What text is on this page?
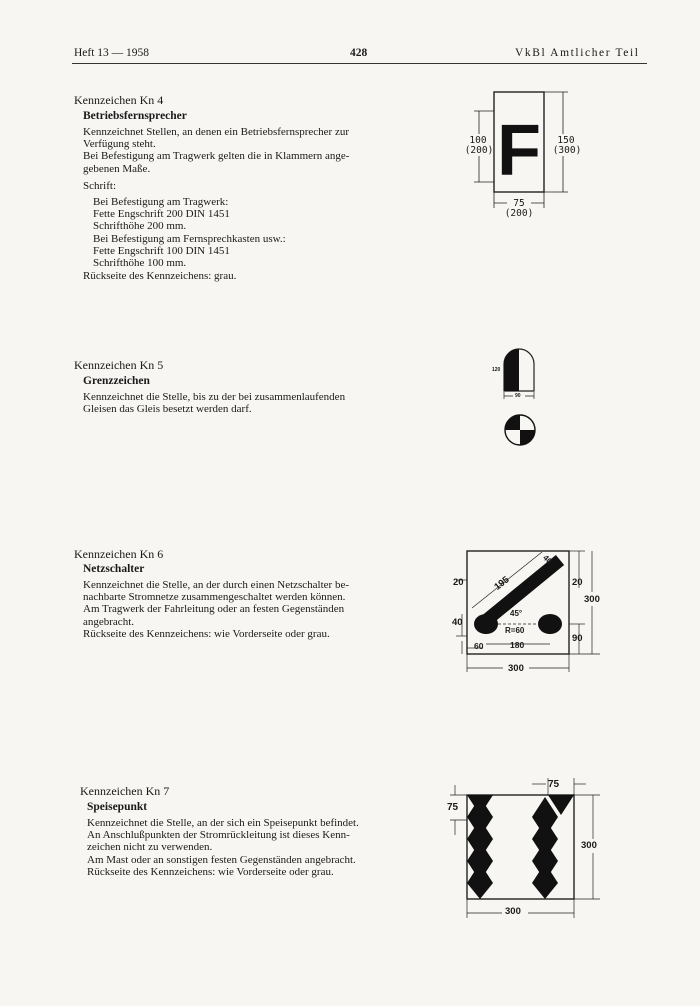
Heft 13 — 1958	428	VkBl Amtlicher Teil
Kennzeichen Kn 4
Betriebsfernsprecher
Kennzeichnet Stellen, an denen ein Betriebsfernsprecher zur
Verfügung steht.
Bei Befestigung am Tragwerk gelten die in Klammern ange-
gebenen Maße.
Schrift:
Bei Befestigung am Tragwerk:
Fette Engschrift 200 DIN 1451
Schrifthöhe 200 mm.
Bei Befestigung am Fernsprechkasten usw.:
Fette Engschrift 100 DIN 1451
Schrifthöhe 100 mm.
Rückseite des Kennzeichens: grau.
F
100
(200)
150
(300)
75
(200)
Kennzeichen Kn 5
Grenzzeichen
Kennzeichnet die Stelle, bis zu der bei zusammenlaufenden
Gleisen das Gleis besetzt werden darf.
120
90
Kennzeichen Kn 6
Netzschalter
Kennzeichnet die Stelle, an der durch einen Netzschalter be-
nachbarte Stromnetze zusammengeschaltet werden können.
Am Tragwerk der Fahrleitung oder an festen Gegenständen
angebracht.
Rückseite des Kennzeichens: wie Vorderseite oder grau.
20	195
40
45°
R=60
40
60	180
20
300
90
300
Kennzeichen Kn 7
Speisepunkt
Kennzeichnet die Stelle, an der sich ein Speisepunkt befindet.
An Anschlußpunkten der Stromrückleitung ist dieses Kenn-
zeichen nicht zu verwenden.
Am Mast oder an sonstigen festen Gegenständen angebracht.
Rückseite des Kennzeichens: wie Vorderseite oder grau.
75
75
300
300
